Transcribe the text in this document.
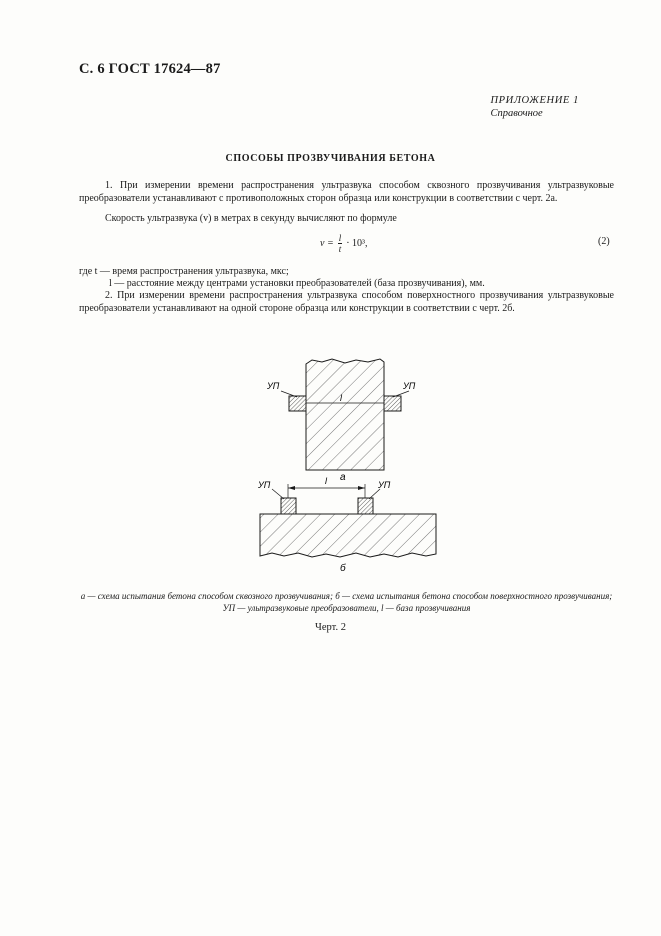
С. 6 ГОСТ 17624—87
ПРИЛОЖЕНИЕ 1
Справочное
СПОСОБЫ ПРОЗВУЧИВАНИЯ БЕТОНА
1. При измерении времени распространения ультразвука способом сквозного прозвучивания ультразвуковые преобразователи устанавливают с противоположных сторон образца или конструкции в соответствии с черт. 2а.
Скорость ультразвука (v) в метрах в секунду вычисляют по формуле
$v = \frac{l}{t} \cdot 10^3$,	(2)
где t — время распространения ультразвука, мкс;
l — расстояние между центрами установки преобразователей (база прозвучивания), мм.
2. При измерении времени распространения ультразвука способом поверхностного прозвучивания ультразвуковые преобразователи устанавливают на одной стороне образца или конструкции в соответствии с черт. 2б.
УП	УП
l
а
УП	УП
l
б
а — схема испытания бетона способом сквозного прозвучивания; б — схема испытания бетона способом поверхностного прозвучивания; УП — ультразвуковые преобразователи, l — база прозвучивания
Черт. 2
